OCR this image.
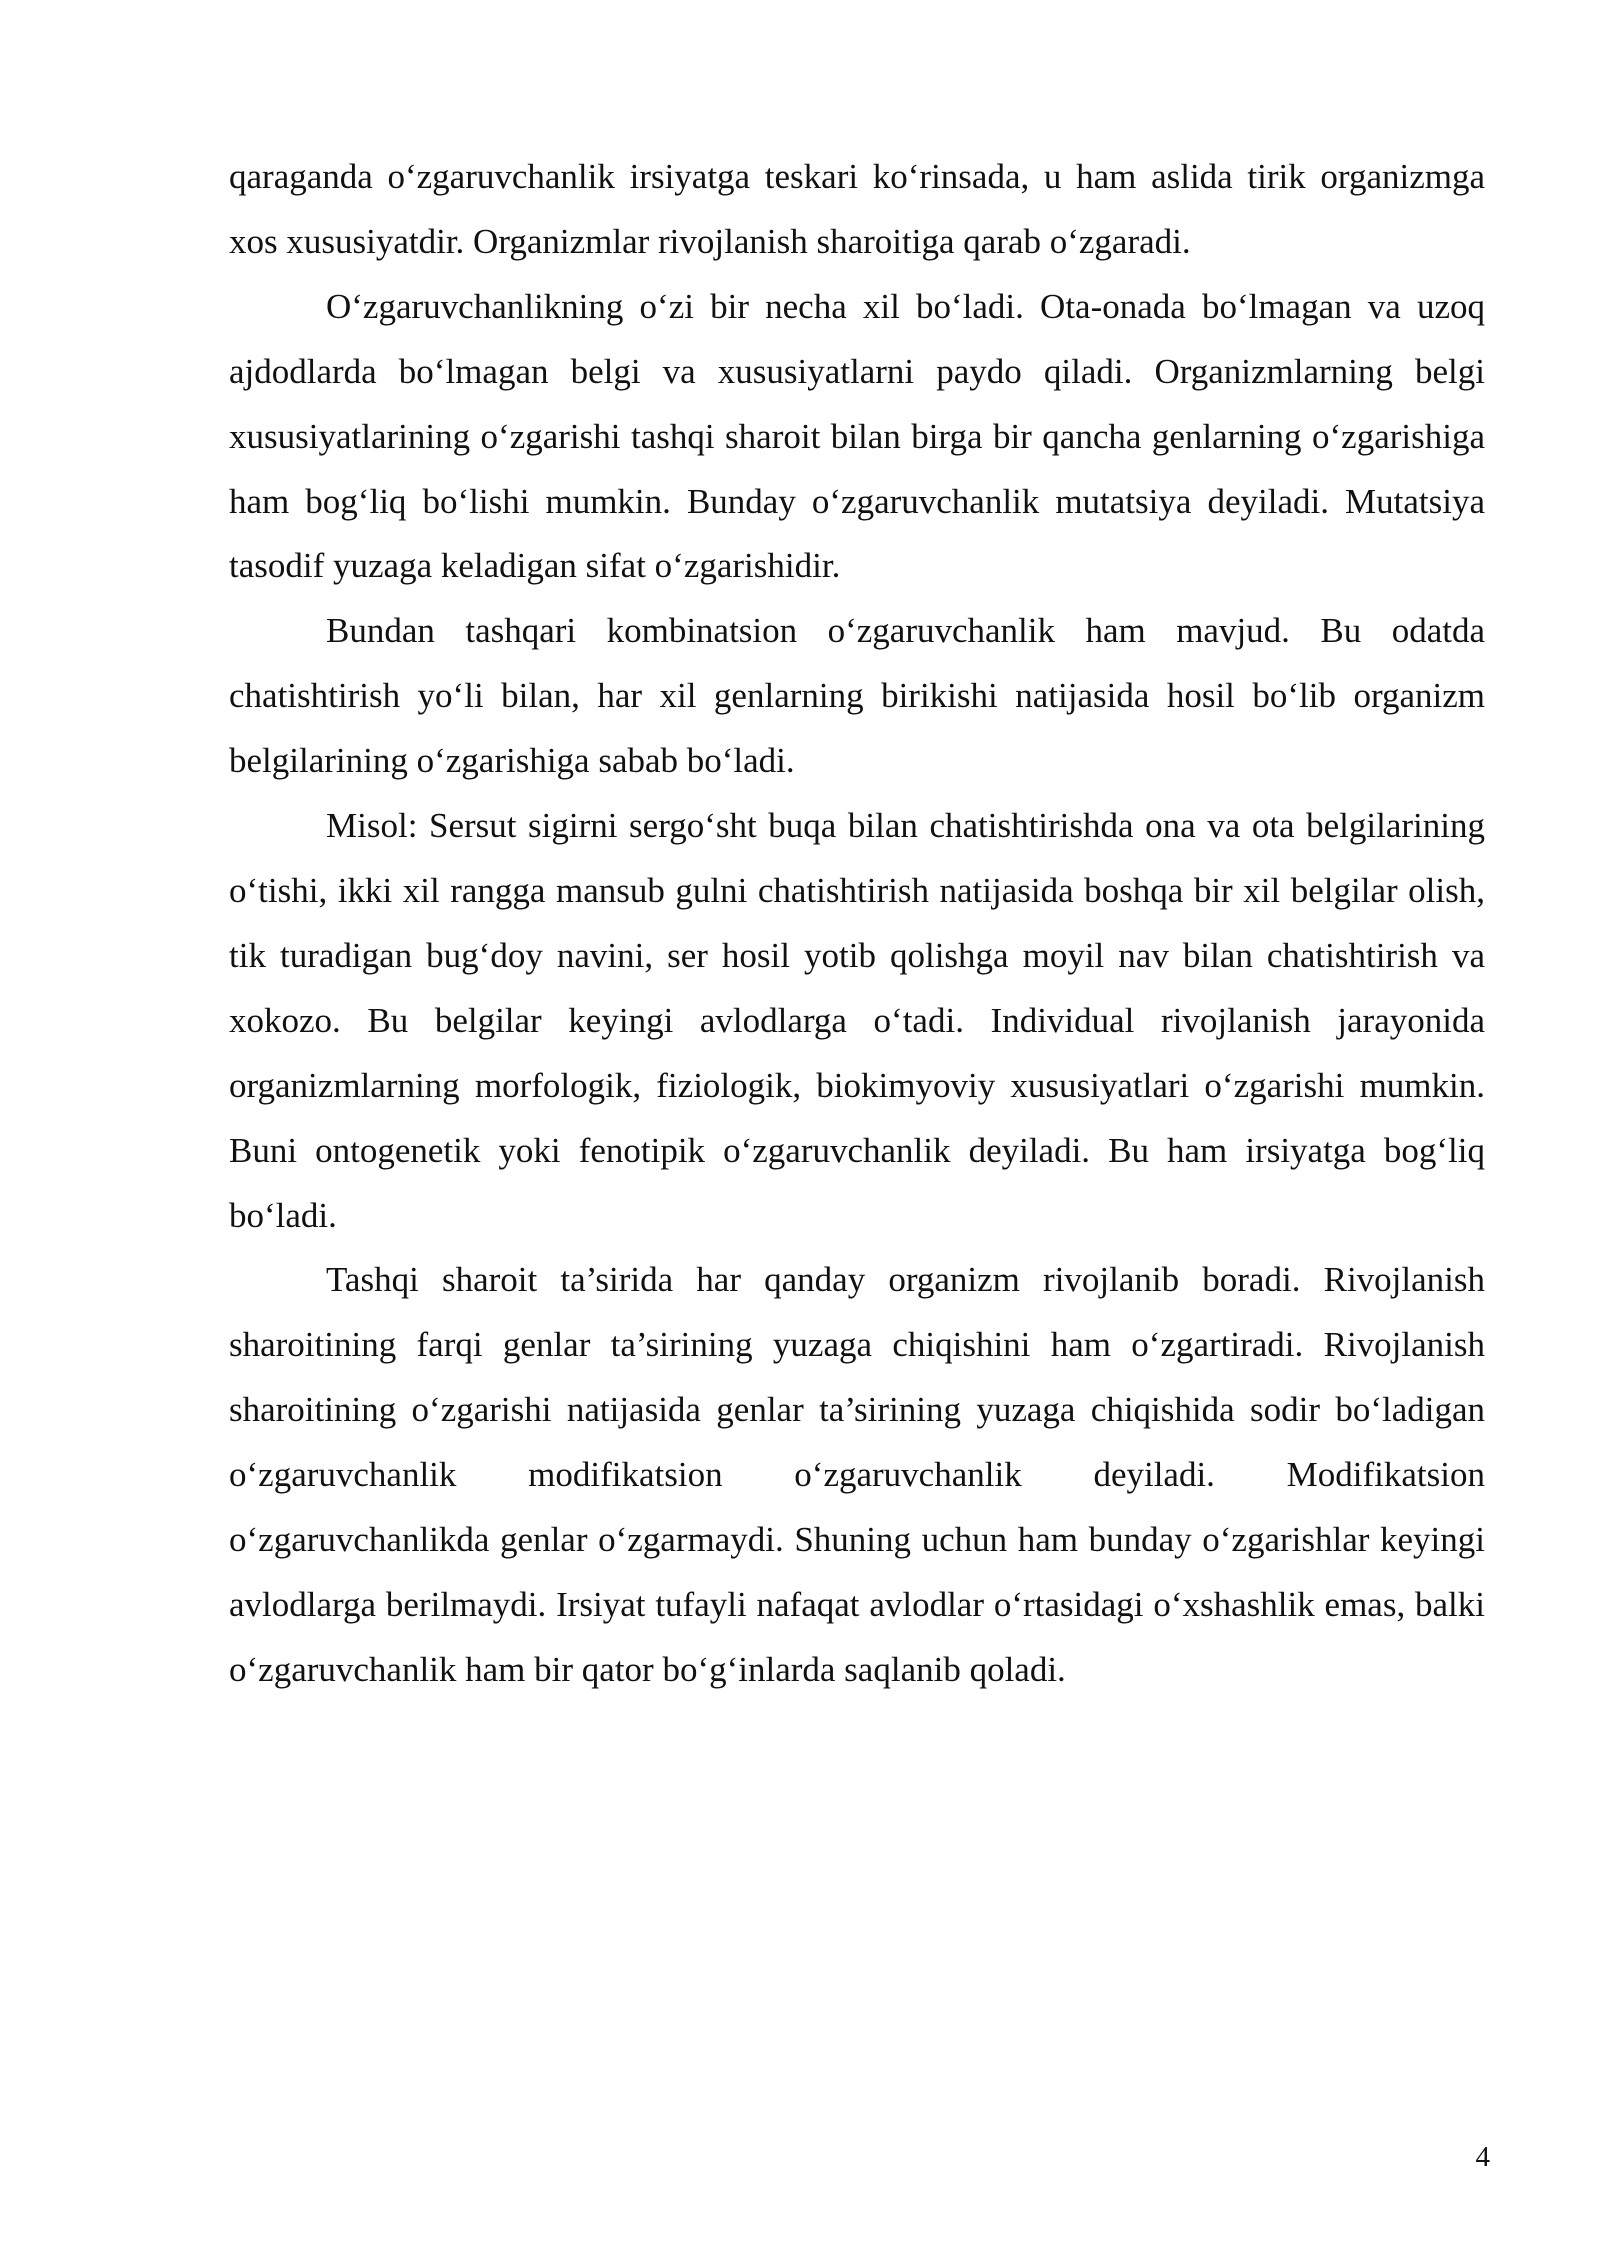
qaraganda o‘zgaruvchanlik irsiyatga teskari ko‘rinsada, u ham aslida tirik organizmga xos xususiyatdir. Organizmlar rivojlanish sharoitiga qarab o‘zgaradi.

O‘zgaruvchanlikning o‘zi bir necha xil bo‘ladi. Ota-onada bo‘lmagan va uzoq ajdodlarda bo‘lmagan belgi va xususiyatlarni paydo qiladi. Organizmlarning belgi xususiyatlarining o‘zgarishi tashqi sharoit bilan birga bir qancha genlarning o‘zgarishiga ham bog‘liq bo‘lishi mumkin. Bunday o‘zgaruvchanlik mutatsiya deyiladi. Mutatsiya tasodif yuzaga keladigan sifat o‘zgarishidir.

Bundan tashqari kombinatsion o‘zgaruvchanlik ham mavjud. Bu odatda chatishtirish yo‘li bilan, har xil genlarning birikishi natijasida hosil bo‘lib organizm belgilarining o‘zgarishiga sabab bo‘ladi.

Misol: Sersut sigirni sergo‘sht buqa bilan chatishtirishda ona va ota belgilarining o‘tishi, ikki xil rangga mansub gulni chatishtirish natijasida boshqa bir xil belgilar olish, tik turadigan bug‘doy navini, ser hosil yotib qolishga moyil nav bilan chatishtirish va xokozo. Bu belgilar keyingi avlodlarga o‘tadi. Individual rivojlanish jarayonida organizmlarning morfologik, fiziologik, biokimyoviy xususiyatlari o‘zgarishi mumkin. Buni ontogenetik yoki fenotipik o‘zgaruvchanlik deyiladi. Bu ham irsiyatga bog‘liq bo‘ladi.

Tashqi sharoit ta’sirida har qanday organizm rivojlanib boradi. Rivojlanish sharoitining farqi genlar ta’sirining yuzaga chiqishini ham o‘zgartiradi. Rivojlanish sharoitining o‘zgarishi natijasida genlar ta’sirining yuzaga chiqishida sodir bo‘ladigan o‘zgaruvchanlik modifikatsion o‘zgaruvchanlik deyiladi. Modifikatsion o‘zgaruvchanlikda genlar o‘zgarmaydi. Shuning uchun ham bunday o‘zgarishlar keyingi avlodlarga berilmaydi. Irsiyat tufayli nafaqat avlodlar o‘rtasidagi o‘xshashlik emas, balki o‘zgaruvchanlik ham bir qator bo‘g‘inlarda saqlanib qoladi.

4
